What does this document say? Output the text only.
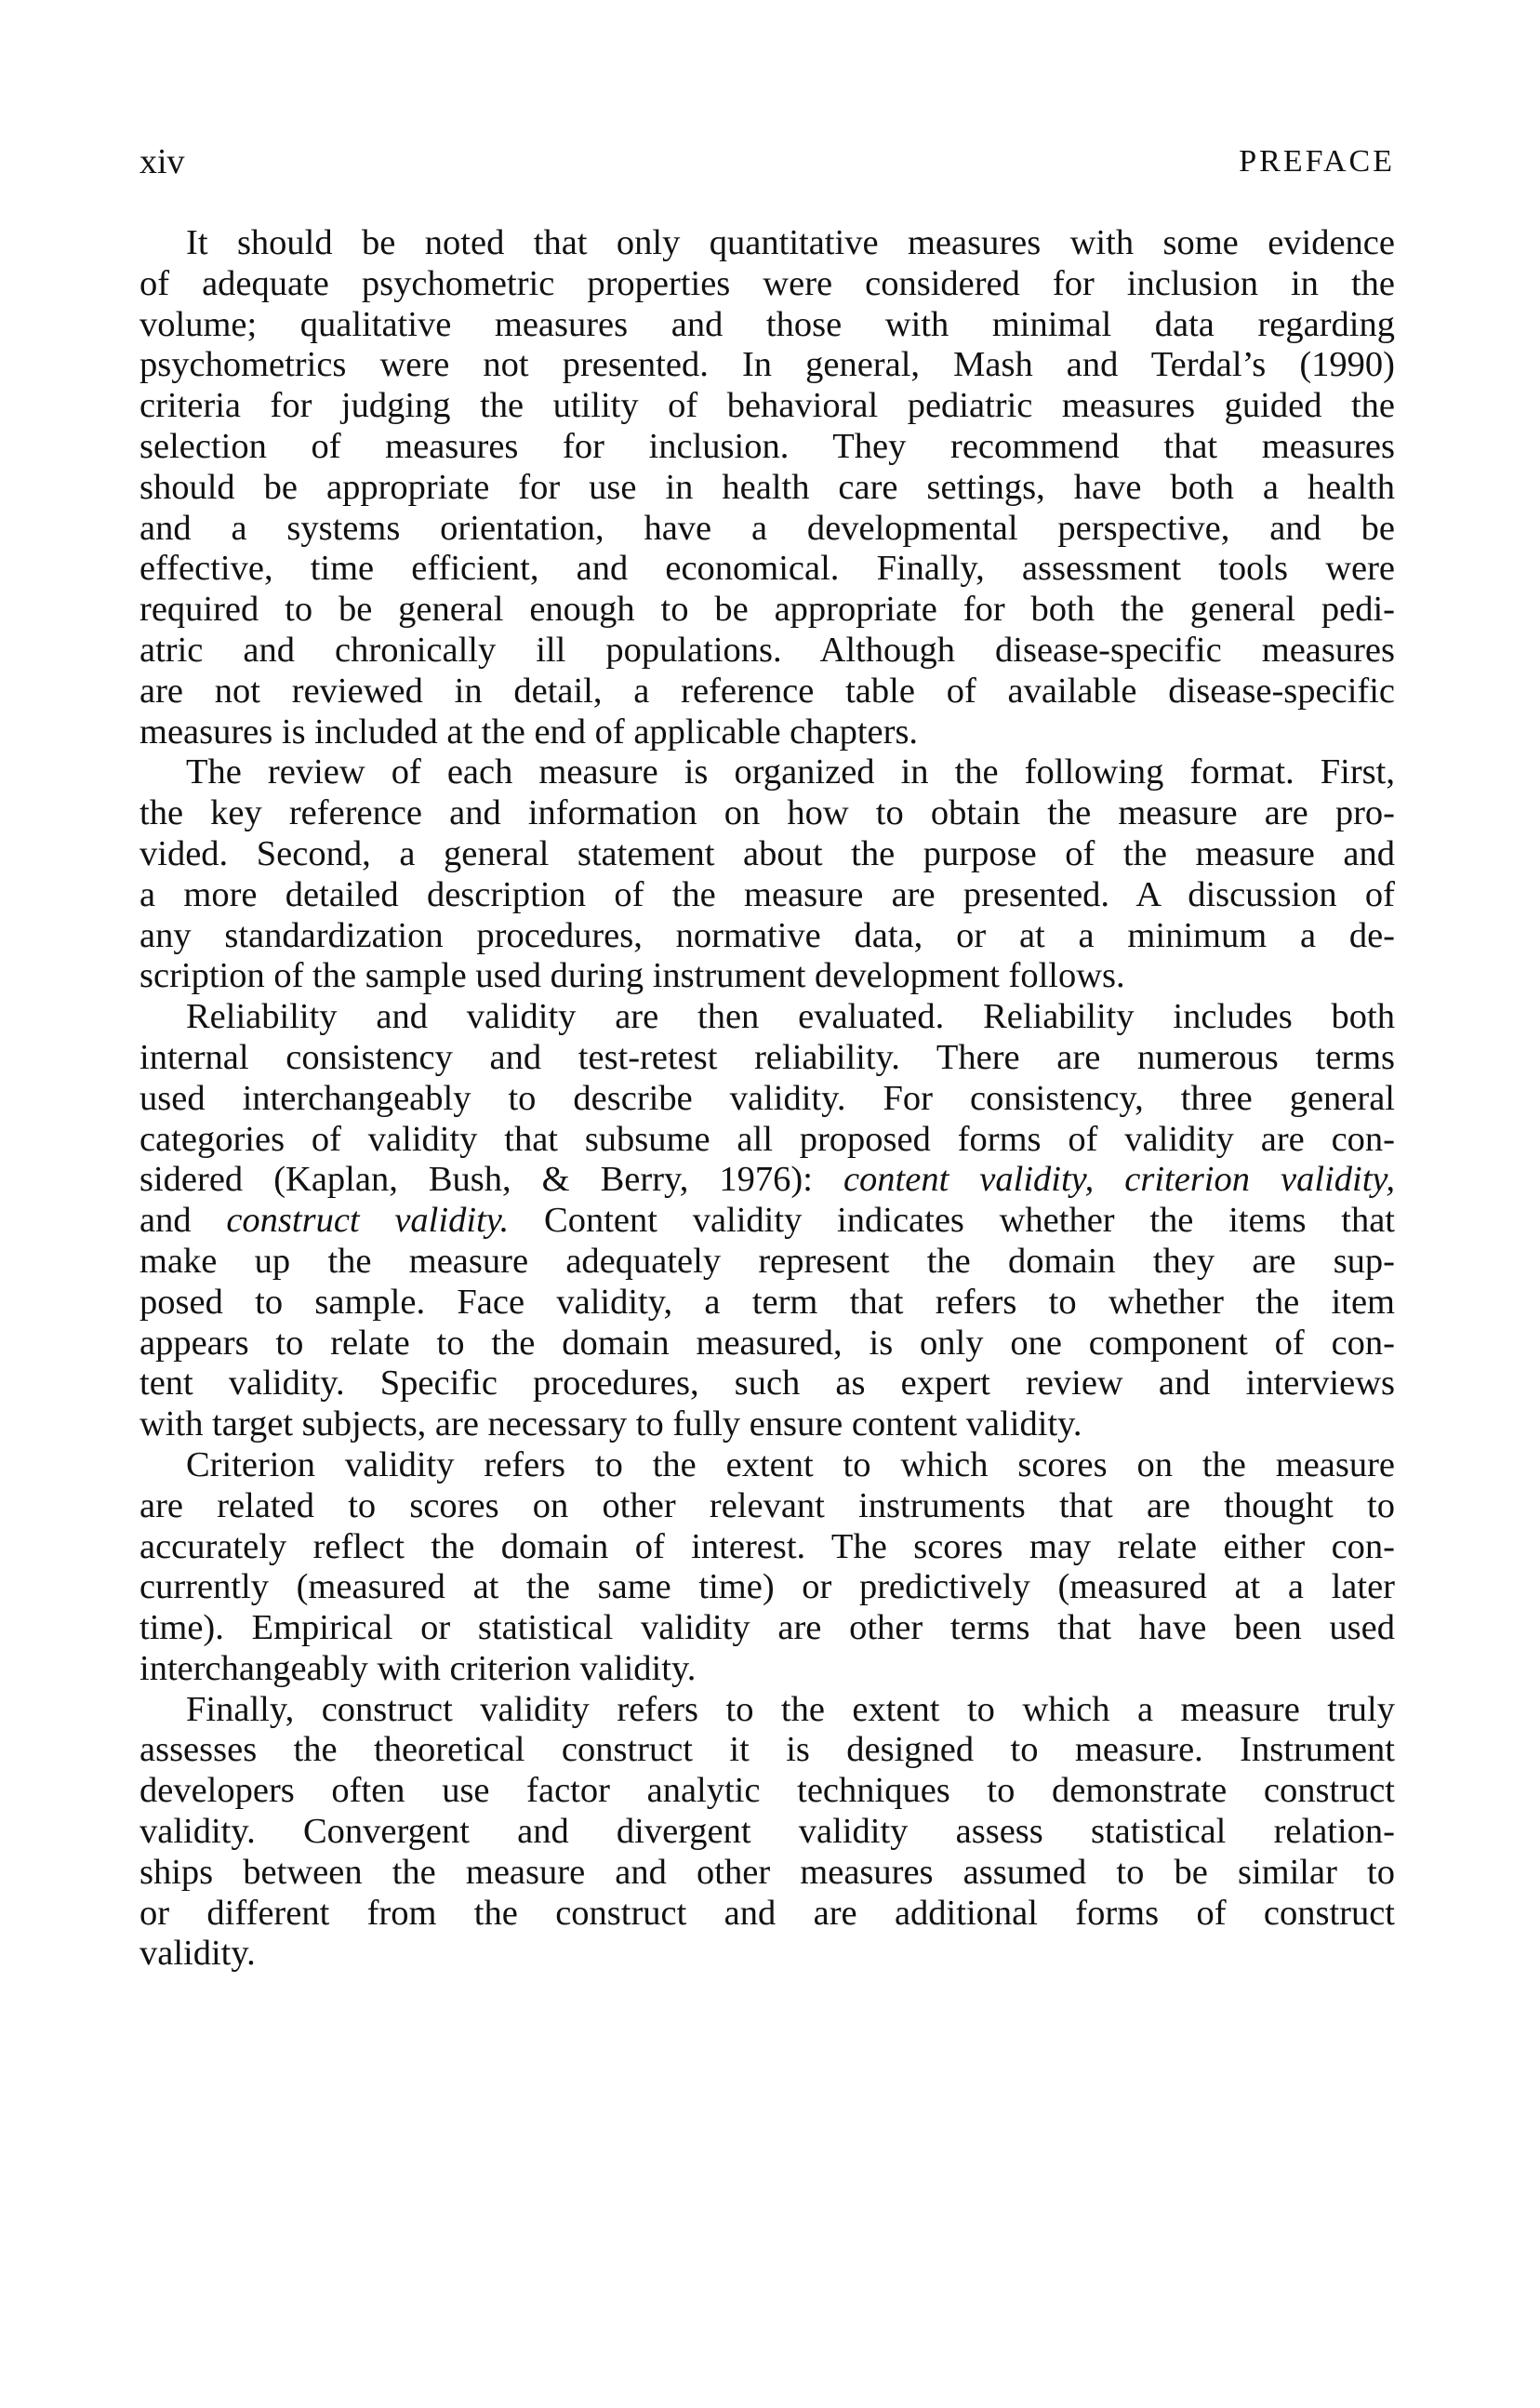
xiv	PREFACE
It should be noted that only quantitative measures with some evidence
of adequate psychometric properties were considered for inclusion in the
volume; qualitative measures and those with minimal data regarding
psychometrics were not presented. In general, Mash and Terdal’s (1990)
criteria for judging the utility of behavioral pediatric measures guided the
selection of measures for inclusion. They recommend that measures
should be appropriate for use in health care settings, have both a health
and a systems orientation, have a developmental perspective, and be
effective, time efficient, and economical. Finally, assessment tools were
required to be general enough to be appropriate for both the general pedi-
atric and chronically ill populations. Although disease-specific measures
are not reviewed in detail, a reference table of available disease-specific
measures is included at the end of applicable chapters.
The review of each measure is organized in the following format. First,
the key reference and information on how to obtain the measure are pro-
vided. Second, a general statement about the purpose of the measure and
a more detailed description of the measure are presented. A discussion of
any standardization procedures, normative data, or at a minimum a de-
scription of the sample used during instrument development follows.
Reliability and validity are then evaluated. Reliability includes both
internal consistency and test-retest reliability. There are numerous terms
used interchangeably to describe validity. For consistency, three general
categories of validity that subsume all proposed forms of validity are con-
sidered (Kaplan, Bush, & Berry, 1976): content validity, criterion validity,
and construct validity. Content validity indicates whether the items that
make up the measure adequately represent the domain they are sup-
posed to sample. Face validity, a term that refers to whether the item
appears to relate to the domain measured, is only one component of con-
tent validity. Specific procedures, such as expert review and interviews
with target subjects, are necessary to fully ensure content validity.
Criterion validity refers to the extent to which scores on the measure
are related to scores on other relevant instruments that are thought to
accurately reflect the domain of interest. The scores may relate either con-
currently (measured at the same time) or predictively (measured at a later
time). Empirical or statistical validity are other terms that have been used
interchangeably with criterion validity.
Finally, construct validity refers to the extent to which a measure truly
assesses the theoretical construct it is designed to measure. Instrument
developers often use factor analytic techniques to demonstrate construct
validity. Convergent and divergent validity assess statistical relation-
ships between the measure and other measures assumed to be similar to
or different from the construct and are additional forms of construct
validity.
